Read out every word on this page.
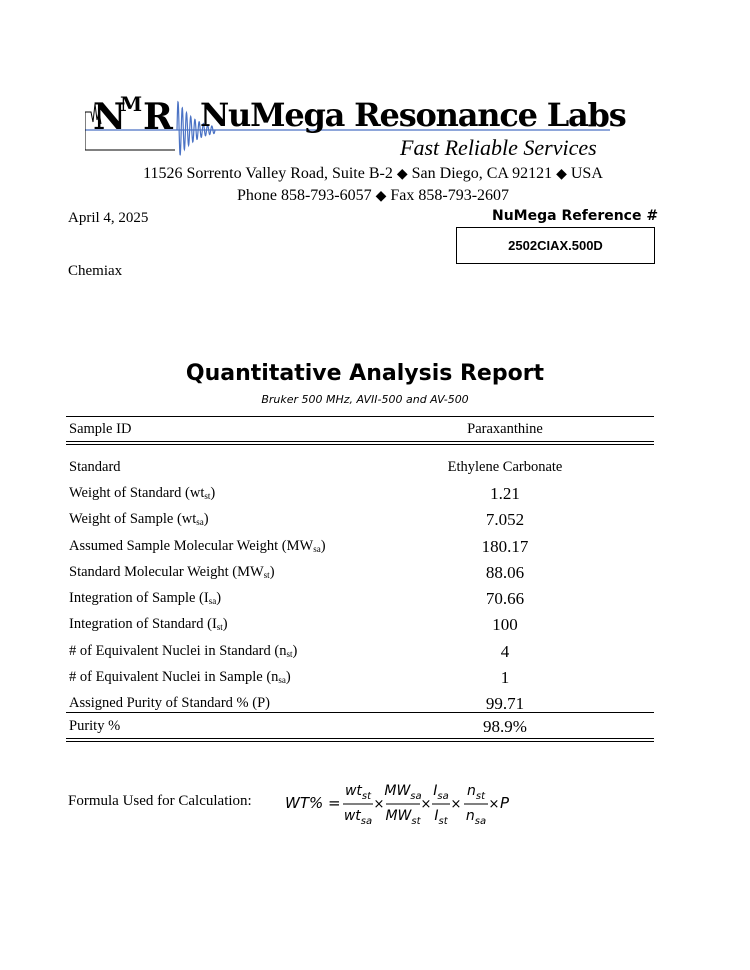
N
M R NuMega Resonance Labs
Fast Reliable Services
11526 Sorrento Valley Road, Suite B-2 ◆ San Diego, CA 92121 ◆ USA
Phone 858-793-6057 ◆ Fax 858-793-2607
April 4, 2025
Chemiax
NuMega Reference #
2502CIAX.500D
Quantitative Analysis Report
Bruker 500 MHz, AVII-500 and AV-500
Sample ID	Paraxanthine
Standard	Ethylene Carbonate
Weight of Standard $(wt_{st})$	1.21
Weight of Sample $(wt_{sa})$	7.052
Assumed Sample Molecular Weight $(MW_{sa})$	180.17
Standard Molecular Weight $(MW_{st})$	88.06
Integration of Sample $(I_{sa})$	70.66
Integration of Standard $(I_{st})$	100
# of Equivalent Nuclei in Standard $(n_{st})$	4
# of Equivalent Nuclei in Sample $(n_{sa})$	1
Assigned Purity of Standard % (P)	99.71
Purity %	98.9%
Formula Used for Calculation: WT% =
$wt_{st}$
$wt_{sa}$
×
$MW_{sa}$
$MW_{st}$
×
$I_{sa}$
$I_{st}$
×
$n_{st}$
$n_{sa}$
× P
